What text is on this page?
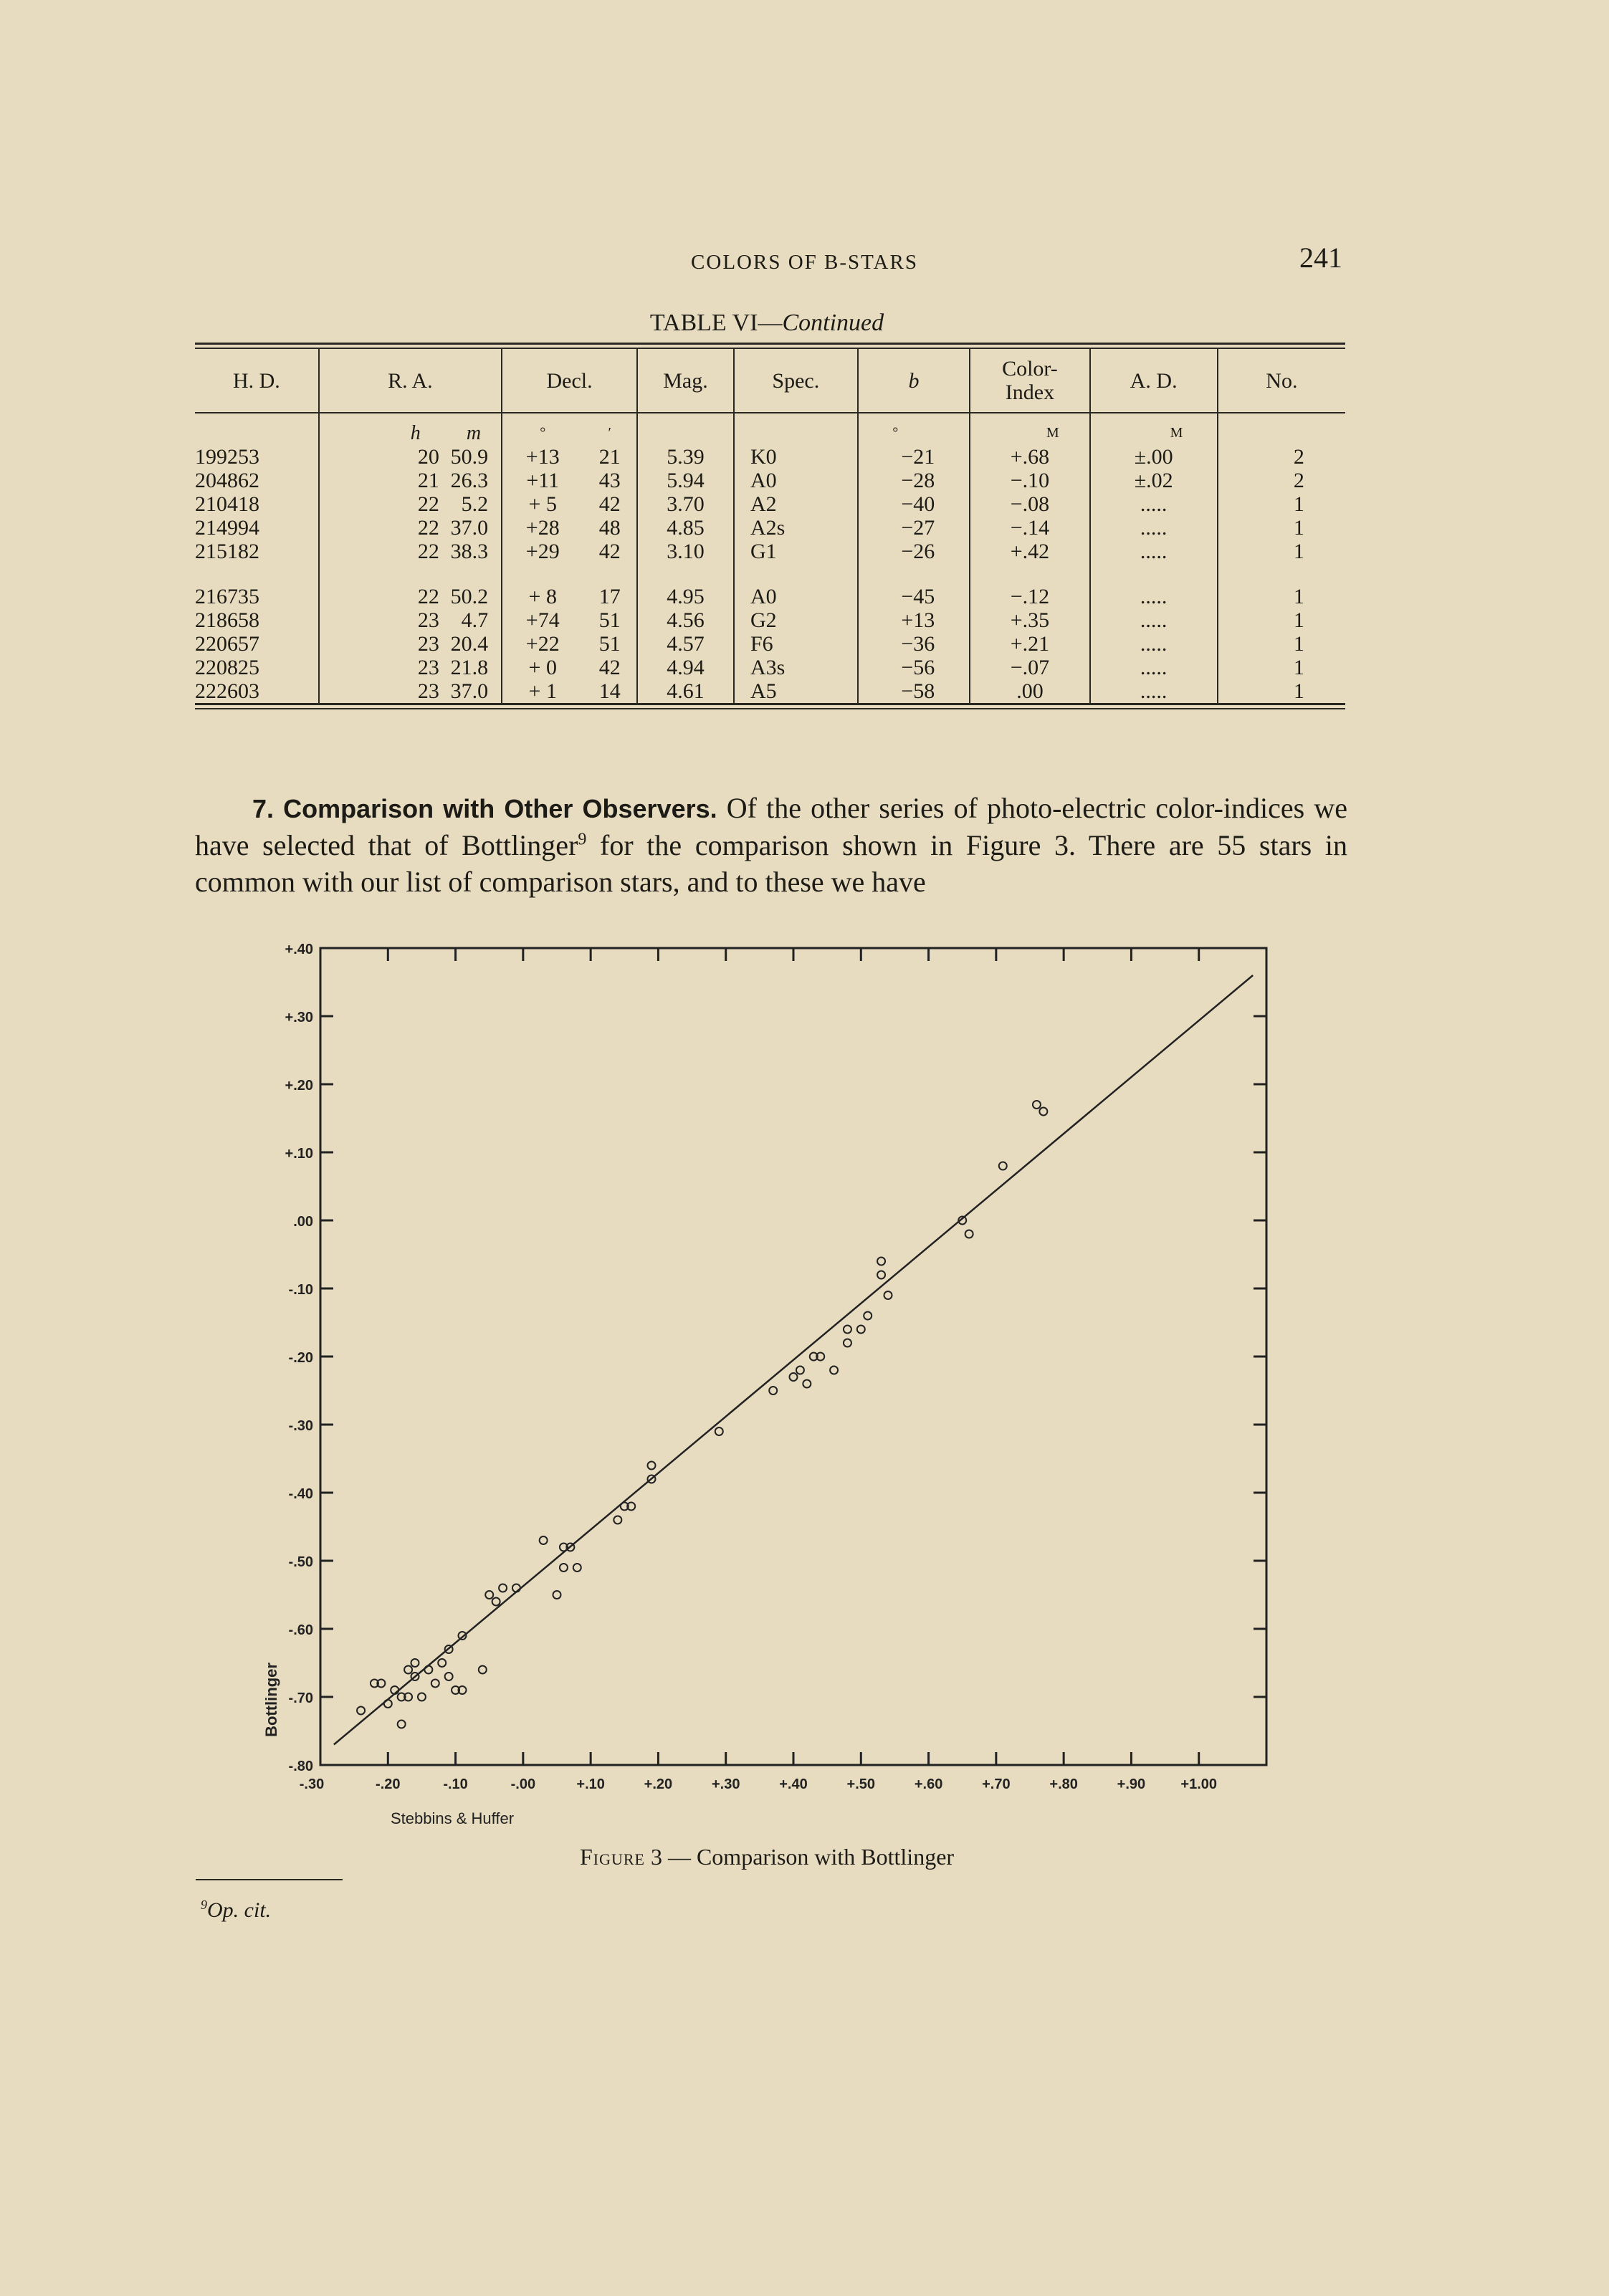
COLORS OF B-STARS	241
TABLE VI—Continued
H. D.	R. A.			Decl.		Mag.		Spec.		b		Color-
Index		A. D.		No.	
		h	m	°	′						°		M		M		
199253	20		50.9	+13	21	5.39		K0		−21		+.68		±.00		2	
204862	21		26.3	+11	43	5.94		A0		−28		−.10		±.02		2	
210418	22		5.2	+ 5	42	3.70		A2		−40		−.08		.....		1	
214994	22		37.0	+28	48	4.85		A2s		−27		−.14		.....		1	
215182	22		38.3	+29	42	3.10		G1		−26		+.42		.....		1	

216735	22		50.2	+ 8	17	4.95		A0		−45		−.12		.....		1	
218658	23		4.7	+74	51	4.56		G2		+13		+.35		.....		1	
220657	23		20.4	+22	51	4.57		F6		−36		+.21		.....		1	
220825	23		21.8	+ 0	42	4.94		A3s		−56		−.07		.....		1	
222603	23		37.0	+ 1	14	4.61		A5		−58		.00		.....		1	
7. Comparison with Other Observers. Of the other series of photo-electric color-indices we have selected that of Bottlinger$^9$ for the comparison shown in Figure 3. There are 55 stars in common with our list of comparison stars, and to these we have
-.30	-.20	-.10	-.00	+.10	+.20	+.30	+.40	+.50	+.60	+.70	+.80	+.90 +1.00
+.40
+.30
+.20
+.10
.00
-.10
-.20
-.30
-.40
-.50
-.60
-.70
-.80
Stebbins & Huffer
Bottlinger
Figure 3 — Comparison with Bottlinger
$^9$Op. cit.
